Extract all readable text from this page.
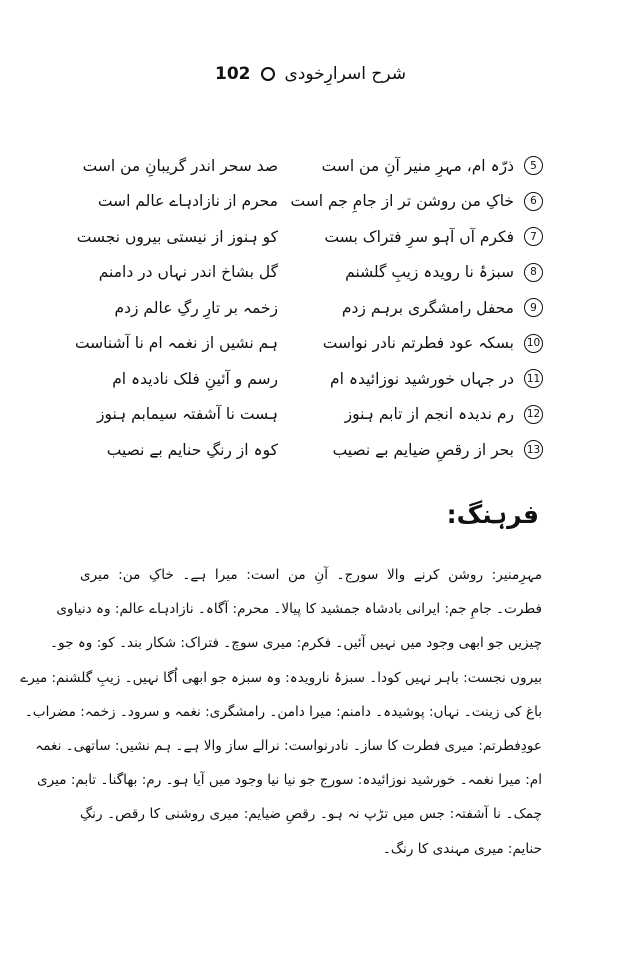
102 شرح اسرارِخودی
5
ذرّہ ام، مہرِ منیر آنِ من است
صد سحر اندر گریبانِ من است
6
خاکِ من روشن تر از جامِ جم است
محرم از نازادہاے عالم است
7
فکرم آں آہو سرِ فتراک بست
کو ہنوز از نیستی بیروں نجست
8
سبزۂ نا رویدہ زیبِ گلشنم
گل بشاخ اندر نہاں در دامنم
9
محفل رامشگری برہم زدم
زخمہ بر تارِ رگِ عالم زدم
10
بسکہ عود فطرتم نادر نواست
ہم نشیں از نغمہ ام نا آشناست
11
در جہاں خورشید نوزائیدہ ام
رسم و آئینِ فلک نادیدہ ام
12
رم ندیدہ انجم از تابم ہنوز
ہست نا آشفتہ سیمابم ہنوز
13
بحر از رقصِ ضیایم بے نصیب
کوہ از رنگِ حنایم بے نصیب
فرہنگ:
مہرِمنیر: روشن کرنے والا سورج۔ آنِ من است: میرا ہے۔ خاکِ من: میری
فطرت۔ جامِ جم: ایرانی بادشاہ جمشید کا پیالا۔ محرم: آگاہ۔ نازادہاے عالم: وہ دنیاوی
چیزیں جو ابھی وجود میں نہیں آئیں۔ فکرم: میری سوچ۔ فتراک: شکار بند۔ کو: وہ جو۔
بیروں نجست: باہر نہیں کودا۔ سبزۂ نارویدہ: وہ سبزہ جو ابھی اُگا نہیں۔ زیبِ گلشنم: میرے
باغ کی زینت۔ نہاں: پوشیدہ۔ دامنم: میرا دامن۔ رامشگری: نغمہ و سرود۔ زخمہ: مضراب۔
عودِفطرتم: میری فطرت کا ساز۔ نادرنواست: نرالے ساز والا ہے۔ ہم نشیں: ساتھی۔ نغمہ
ام: میرا نغمہ۔ خورشید نوزائیدہ: سورج جو نیا نیا وجود میں آیا ہو۔ رم: بھاگنا۔ تابم: میری
چمک۔ نا آشفتہ: جس میں تڑپ نہ ہو۔ رقصِ ضیایم: میری روشنی کا رقص۔ رنگِ
حنایم: میری مہندی کا رنگ۔
